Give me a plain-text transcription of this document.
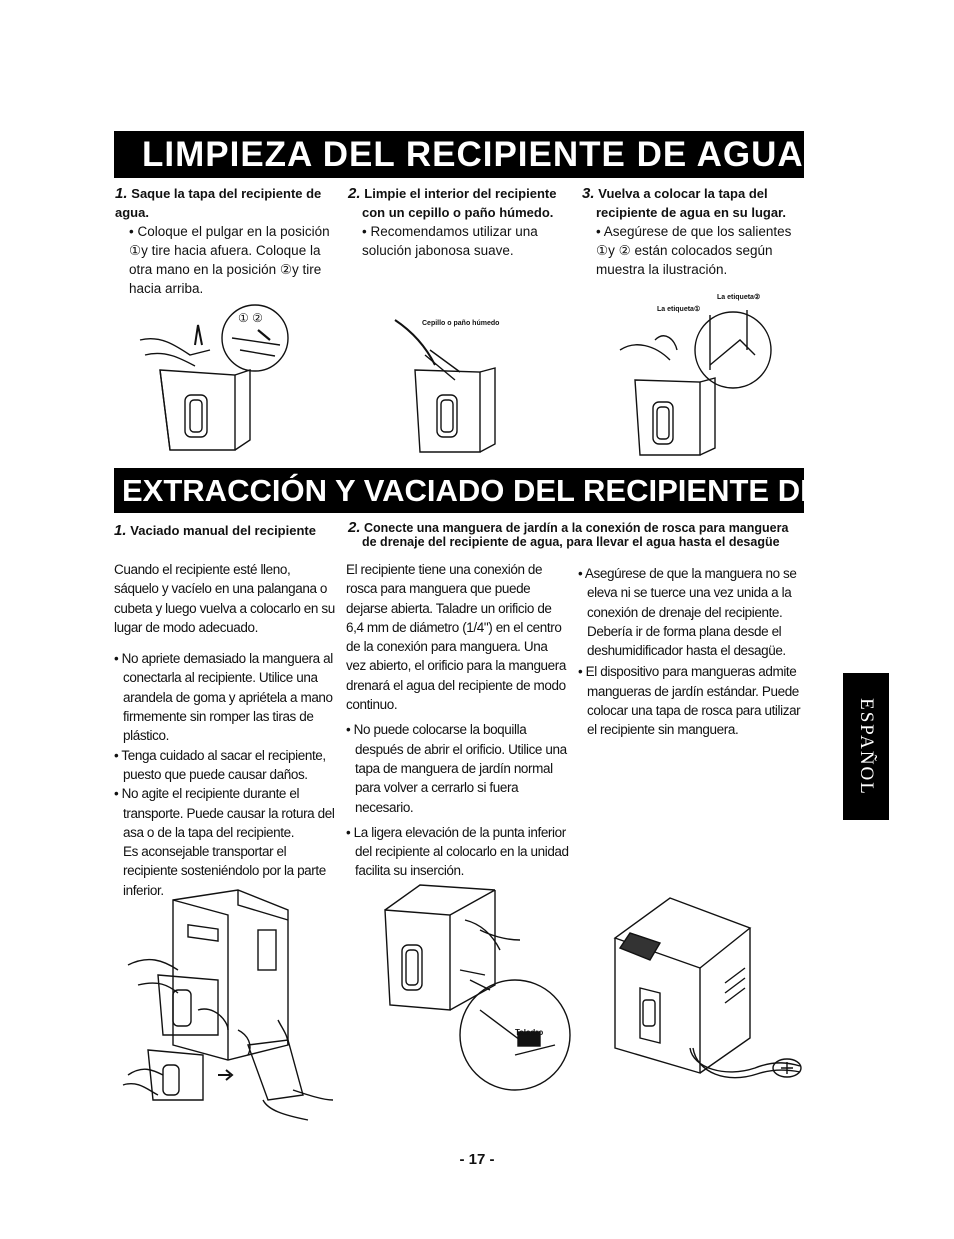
LIMPIEZA DEL RECIPIENTE DE AGUA

1. Saque la tapa del recipiente de agua.

• Coloque el pulgar en la posición

①y tire hacia afuera. Coloque la

otra mano en la posición ②y tire

hacia arriba.

2. Limpie el interior del recipiente

con un cepillo o paño húmedo.

• Recomendamos utilizar una

solución jabonosa suave.

3. Vuelva a colocar la tapa del

recipiente de agua en su lugar.

• Asegúrese de que los salientes

①y ② están colocados según

muestra la ilustración.

① ②	Cepillo o paño húmedo
La etiqueta①
La etiqueta②
EXTRACCIÓN Y VACIADO DEL RECIPIENTE DE AGUA

1. Vaciado manual del recipiente	2. Conecte una manguera de jardín a la conexión de rosca para manguera

de drenaje del recipiente de agua, para llevar el agua hasta el desagüe

Cuando el recipiente esté lleno,

sáquelo y vacíelo en una palangana o

cubeta y luego vuelva a colocarlo en su

lugar de modo adecuado.

• No apriete demasiado la manguera al

conectarla al recipiente. Utilice una

arandela de goma y apriétela a mano

firmemente sin romper las tiras de

plástico.

• Tenga cuidado al sacar el recipiente,

puesto que puede causar daños.

• No agite el recipiente durante el

transporte. Puede causar la rotura del

asa o de la tapa del recipiente.

Es aconsejable transportar el

recipiente sosteniéndolo por la parte

inferior.

El recipiente tiene una conexión de

rosca para manguera que puede

dejarse abierta. Taladre un orificio de

6,4 mm de diámetro (1/4") en el centro

de la conexión para manguera. Una

vez abierto, el orificio para la manguera

drenará el agua del recipiente de modo

continuo.

• No puede colocarse la boquilla

después de abrir el orificio. Utilice una

tapa de manguera de jardín normal

para volver a cerrarlo si fuera

necesario.

• La ligera elevación de la punta inferior

del recipiente al colocarlo en la unidad

facilita su inserción.

• Asegúrese de que la manguera no se

eleva ni se tuerce una vez unida a la

conexión de drenaje del recipiente.

Debería ir de forma plana desde el

deshumidificador hasta el desagüe.

• El dispositivo para mangueras admite

mangueras de jardín estándar. Puede

colocar una tapa de rosca para utilizar

el recipiente sin manguera.

Taladro
ESPAÑOL
- 17 -
